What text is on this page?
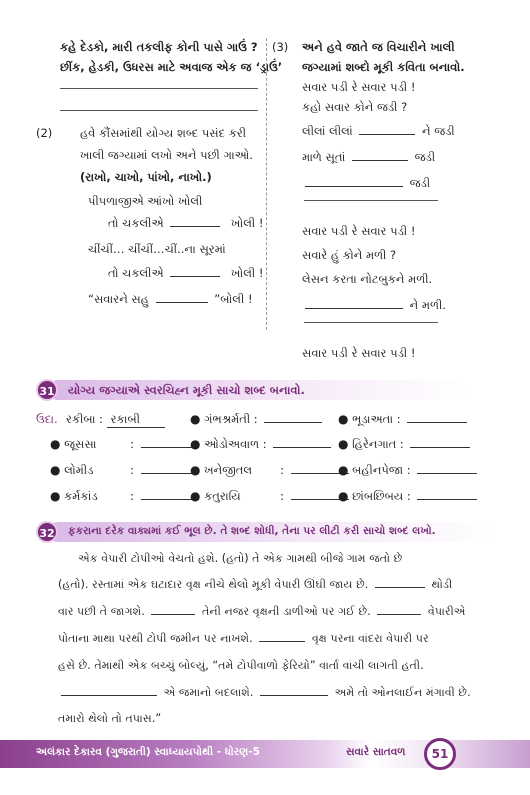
કહે દેડકો, મારી તકલીફ કોની પાસે ગાઉં ?
છીંક, હેડકી, ઉધરસ માટે અવાજ એક જ ‘ડ્રાઉં’
(2) હવે કૌંસમાંથી યોગ્ય શબ્દ પસંદ કરી
ખાલી જગ્યામાં લખો અને પછી ગાઓ.
(રાખો, ચાખો, પાંખો, નાખો.)
પીપળાજીએ આંખો ખોલી
તો ચકલીએ	ખોલી !
ચીંચીં… ચીંચીં…ચીં..ના સૂરમાં
તો ચકલીએ	ખોલી !
“સવારને સહુ	”બોલી !
(3) અને હવે જાતે જ વિચારીને ખાલી
જગ્યામાં શબ્દો મૂકી કવિતા બનાવો.
સવાર પડી રે સવાર પડી !
કહો સવાર કોને જડી ?
લીલાં લીલાં	ને જડી
માળે સૂતાં	જડી
જડી
સવાર પડી રે સવાર પડી !
સવારે હું કોને મળી ?
લેસન કરતા નોટબુકને મળી.
ને મળી.
સવાર પડી રે સવાર પડી !
31 યોગ્ય જગ્યાએ સ્વરચિહ્ન મૂકી સાચો શબ્દ બનાવો.
ઉદા. રકીબા : રકાબી	● ગંભશ્રર્મતી :	● ભૂડાઅતા :
● જૂસસા	:	● ઓડોઅવાળ :	● હિરેનગાત :
● લોમીડ	:	● ખનેજીતલ :	● બહીનપેજા :
● કર્મકાંડ	:	● કતુરાયિ	:	● છાંબછિબય :
32	ફકરાના દરેક વાક્યમાં કઈ ભૂલ છે. તે શબ્દ શોધી, તેના પર લીટી કરી સાચો શબ્દ લખો.
એક વેપારી ટોપીઓ વેચતો હશે. (હતો) તે એક ગામથી બીજે ગામ જતો છે
(હતો). રસ્તામાં એક ઘટાદાર વૃક્ષ નીચે થેલો મૂકી વેપારી ઊંઘી જાય છે.	થોડી
વાર પછી તે જાગશે.	તેની નજર વૃક્ષની ડાળીઓ પર ગઈ છે.	વેપારીએ
પોતાના માથા પરથી ટોપી જમીન પર નાખશે.	વૃક્ષ પરના વાંદરા વેપારી પર
હસે છે. તેમાંથી એક બચ્ચું બોલ્યું, “તમે ટોપીવાળો ફેરિયો” વાર્તા વાંચી લાગતી હતી.
એ જમાનો બદલાશે.	અમે તો ઓનલાઈન મંગાવી છે.
તમારો થેલો તો તપાસ.”
અલંકાર દેકારવ (ગુજરાતી) સ્વાધ્યાયપોથી - ધોરણ-5	સવારે સાતવળ	51
